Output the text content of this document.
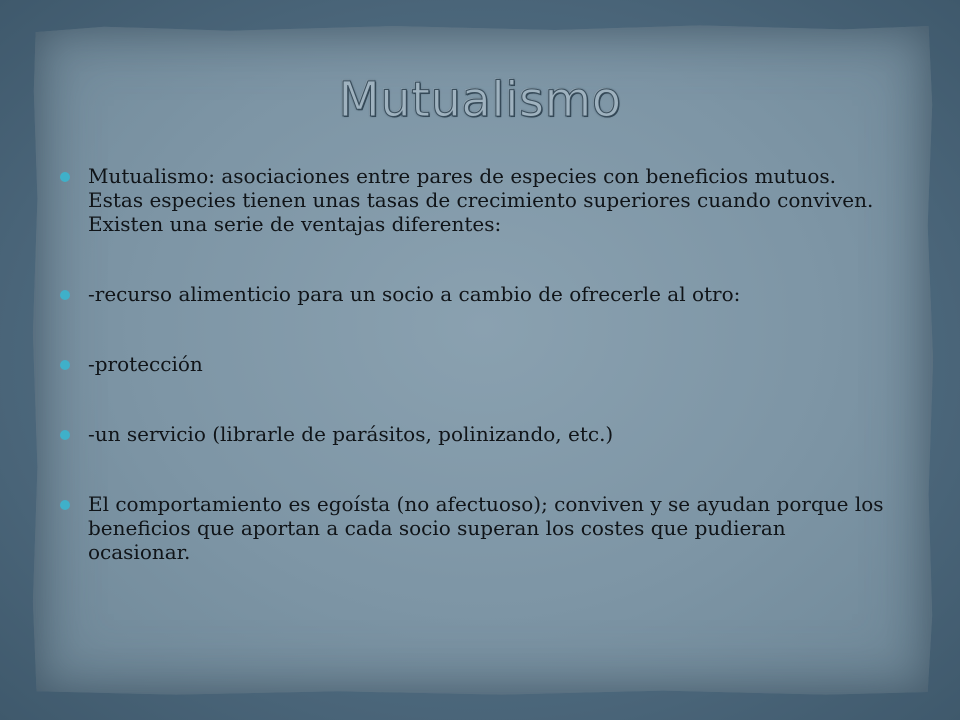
Mutualismo
Mutualismo: asociaciones entre pares de especies con beneficios mutuos. Estas especies tienen unas tasas de crecimiento superiores cuando conviven. Existen una serie de ventajas diferentes:
-recurso alimenticio para un socio a cambio de ofrecerle al otro:
-protección
-un servicio (librarle de parásitos, polinizando, etc.)
El comportamiento es egoísta (no afectuoso); conviven y se ayudan porque los beneficios que aportan a cada socio superan los costes que pudieran ocasionar.
